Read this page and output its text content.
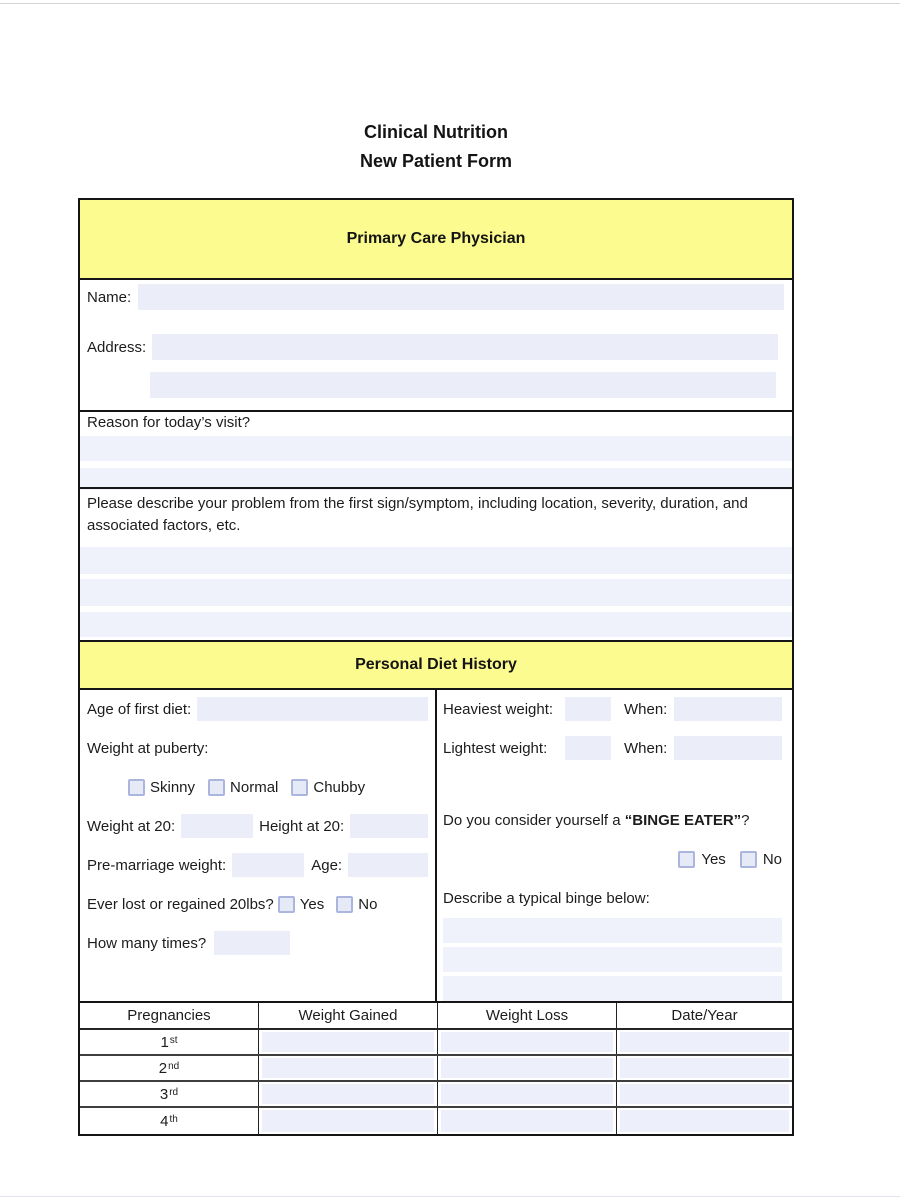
Clinical Nutrition
New Patient Form
Primary Care Physician
Name:
Address:
Reason for today’s visit?
Please describe your problem from the first sign/symptom, including location, severity, duration, and associated factors, etc.
Personal Diet History
Age of first diet:
Weight at puberty:
Skinny Normal Chubby
Weight at 20:	Height at 20:
Pre-marriage weight:	Age:
Ever lost or regained 20lbs? Yes No
How many times?
Heaviest weight:	When:
Lightest weight:	When:
Do you consider yourself a “BINGE EATER”?
Yes No
Describe a typical binge below:
Pregnancies	Weight Gained	Weight Loss	Date/Year
1st
2nd
3rd
4th
